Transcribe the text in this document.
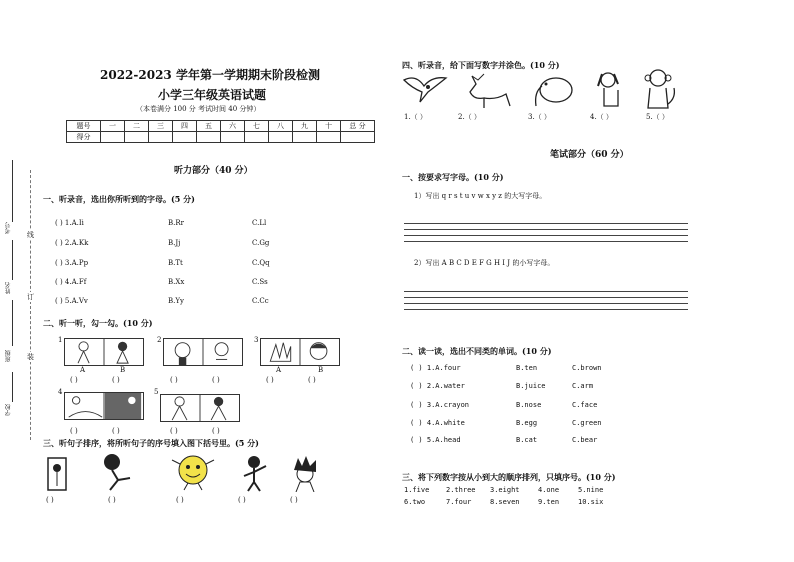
考号
姓名
班级
学校
线
订
装
2022-2023 学年第一学期期末阶段检测
小学三年级英语试题
（本卷满分 100 分 考试时间 40 分钟）
题号	一	二	三	四	五	六	七	八	九	十	总 分
得分											
听力部分（40 分）
一、听录音，选出你所听到的字母。(5 分)
( ) 1.A.Ii	B.Rr	C.Ll
( ) 2.A.Kk	B.Jj	C.Gg
( ) 3.A.Pp	B.Tt	C.Qq
( ) 4.A.Ff	B.Xx	C.Ss
( ) 5.A.Vv	B.Yy	C.Cc
二、听一听，勾一勾。(10 分)
1
A	B
( )	( )
2
( )	( )
3
A	B
( )	( )
4
( )	( )
5
( )	( )
三、听句子排序，将所听句子的序号填入图下括号里。(5 分)
( )	( )	( )	( )	( )
四、听录音，给下面写数字并涂色。(10 分)
1.（ ）	2.（ ）	3.（ ）	4.（ ）	5.（ ）
笔试部分（60 分）
一、按要求写字母。(10 分)
1）写出 q r s t u v w x y z 的大写字母。
2）写出 A B C D E F G H I J 的小写字母。
二、读一读，选出不同类的单词。(10 分)
( ) 1.A.four	B.ten	C.brown
( ) 2.A.water	B.juice	C.arm
( ) 3.A.crayon	B.nose	C.face
( ) 4.A.white	B.egg	C.green
( ) 5.A.head	B.cat	C.bear
三、将下列数字按从小到大的顺序排列，只填序号。(10 分)
1.five 2.three 3.eight	4.one	5.nine
6.two	7.four	8.seven	9.ten	10.six
